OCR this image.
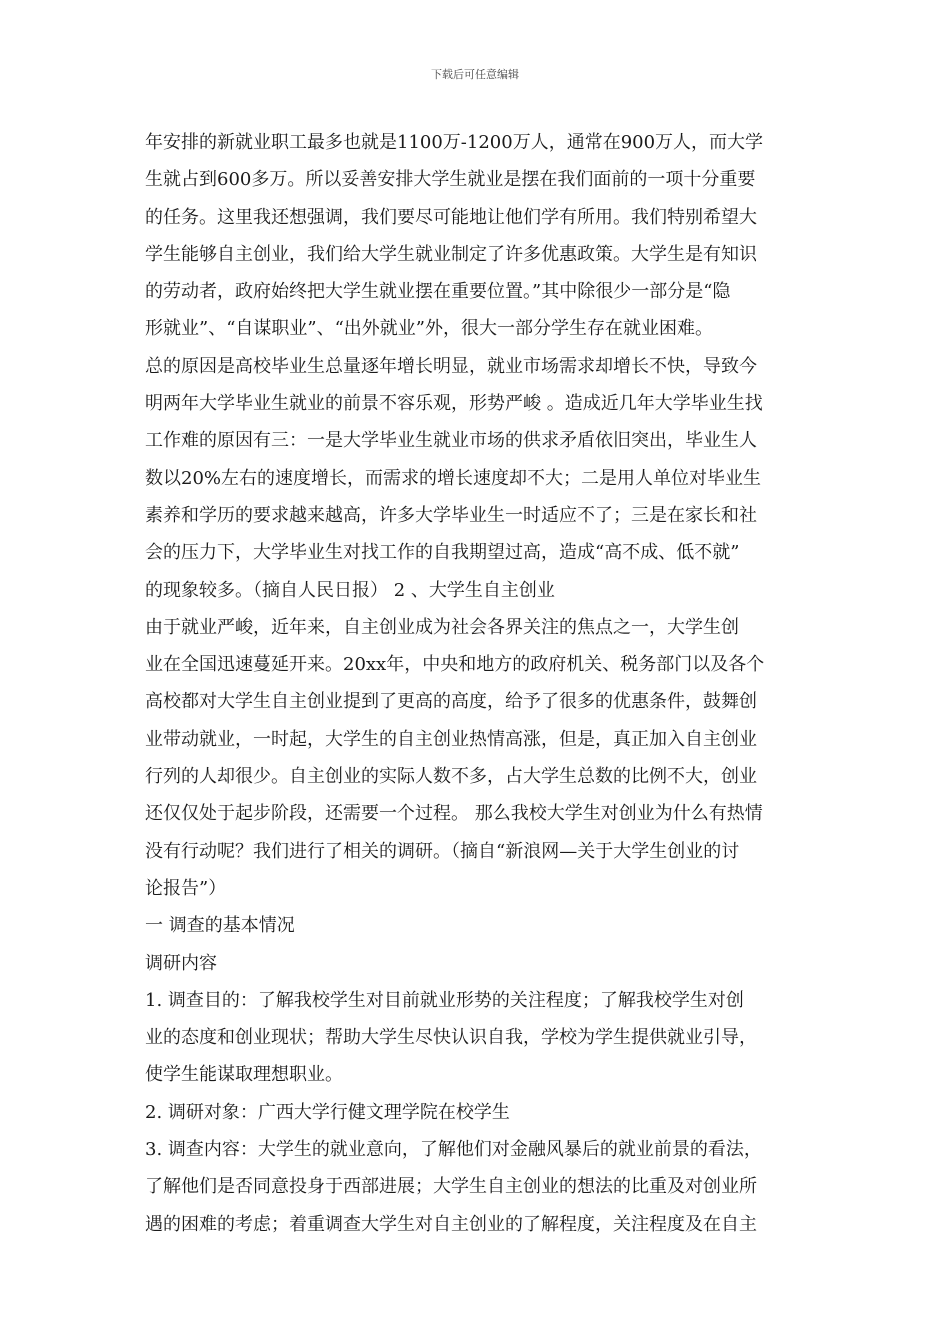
下载后可任意编辑
年安排的新就业职工最多也就是1100万-1200万人，通常在900万人，而大学
生就占到600多万。所以妥善安排大学生就业是摆在我们面前的一项十分重要
的任务。这里我还想强调，我们要尽可能地让他们学有所用。我们特别希望大
学生能够自主创业，我们给大学生就业制定了许多优惠政策。大学生是有知识
的劳动者，政府始终把大学生就业摆在重要位置。”其中除很少一部分是“隐
形就业”、“自谋职业”、“出外就业”外，很大一部分学生存在就业困难。
总的原因是高校毕业生总量逐年增长明显，就业市场需求却增长不快，导致今
明两年大学毕业生就业的前景不容乐观，形势严峻 。造成近几年大学毕业生找
工作难的原因有三：一是大学毕业生就业市场的供求矛盾依旧突出，毕业生人
数以20%左右的速度增长，而需求的增长速度却不大；二是用人单位对毕业生
素养和学历的要求越来越高，许多大学毕业生一时适应不了；三是在家长和社
会的压力下，大学毕业生对找工作的自我期望过高，造成“高不成、低不就”
的现象较多。（摘自人民日报） 2 、大学生自主创业
由于就业严峻，近年来，自主创业成为社会各界关注的焦点之一，大学生创
业在全国迅速蔓延开来。20xx年，中央和地方的政府机关、税务部门以及各个
高校都对大学生自主创业提到了更高的高度，给予了很多的优惠条件，鼓舞创
业带动就业，一时起，大学生的自主创业热情高涨，但是，真正加入自主创业
行列的人却很少。自主创业的实际人数不多，占大学生总数的比例不大，创业
还仅仅处于起步阶段，还需要一个过程。 那么我校大学生对创业为什么有热情
没有行动呢？我们进行了相关的调研。（摘自“新浪网—关于大学生创业的讨
论报告”）
一 调查的基本情况
调研内容
1. 调查目的：了解我校学生对目前就业形势的关注程度；了解我校学生对创
业的态度和创业现状；帮助大学生尽快认识自我，学校为学生提供就业引导，
使学生能谋取理想职业。
2. 调研对象：广西大学行健文理学院在校学生
3. 调查内容：大学生的就业意向，了解他们对金融风暴后的就业前景的看法，
了解他们是否同意投身于西部进展；大学生自主创业的想法的比重及对创业所
遇的困难的考虑；着重调查大学生对自主创业的了解程度，关注程度及在自主
